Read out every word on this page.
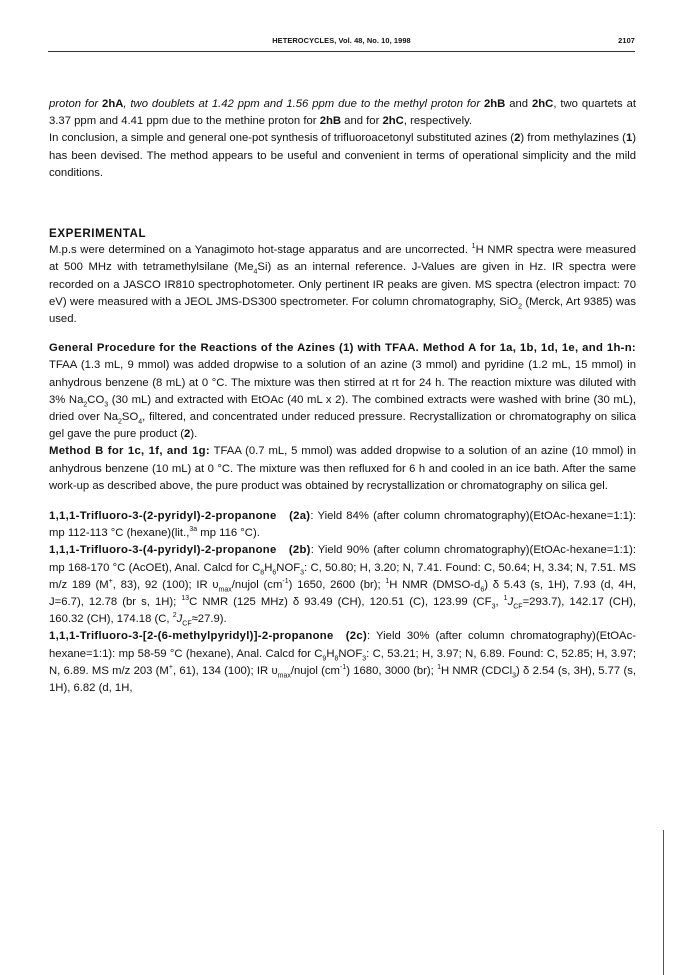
HETEROCYCLES, Vol. 48, No. 10, 1998	2107

proton for 2hA, two doublets at 1.42 ppm and 1.56 ppm due to the methyl proton for 2hB and 2hC, two quartets at 3.37 ppm and 4.41 ppm due to the methine proton for 2hB and for 2hC, respectively.

In conclusion, a simple and general one-pot synthesis of trifluoroacetonyl substituted azines (2) from methylazines (1) has been devised. The method appears to be useful and convenient in terms of operational simplicity and the mild conditions.

EXPERIMENTAL

M.p.s were determined on a Yanagimoto hot-stage apparatus and are uncorrected. $^1$H NMR spectra were measured at 500 MHz with tetramethylsilane $(Me_4Si)$ as an internal reference. J-Values are given in Hz. IR spectra were recorded on a JASCO IR810 spectrophotometer. Only pertinent IR peaks are given. MS spectra (electron impact: 70 eV) were measured with a JEOL JMS-DS300 spectrometer. For column chromatography, SiO$_2$ (Merck, Art 9385) was used.

General Procedure for the Reactions of the Azines (1) with TFAA. Method A for 1a, 1b, 1d, 1e, and 1h-n: TFAA (1.3 mL, 9 mmol) was added dropwise to a solution of an azine (3 mmol) and pyridine (1.2 mL, 15 mmol) in anhydrous benzene (8 mL) at 0 °C. The mixture was then stirred at rt for 24 h. The reaction mixture was diluted with 3% $Na_2CO_3$ (30 mL) and extracted with EtOAc (40 mL x 2). The combined extracts were washed with brine (30 mL), dried over $Na_2SO_4$, filtered, and concentrated under reduced pressure. Recrystallization or chromatography on silica gel gave the pure product (2).

Method B for 1c, 1f, and 1g: TFAA (0.7 mL, 5 mmol) was added dropwise to a solution of an azine (10 mmol) in anhydrous benzene (10 mL) at 0 °C. The mixture was then refluxed for 6 h and cooled in an ice bath. After the same work-up as described above, the pure product was obtained by recrystallization or chromatography on silica gel.

1,1,1-Trifluoro-3-(2-pyridyl)-2-propanone (2a): Yield 84% (after column chromatography)(EtOAc-hexane=1:1): mp 112-113 °C (hexane)(lit.,$^{3a}$ mp 116 °C).

1,1,1-Trifluoro-3-(4-pyridyl)-2-propanone (2b): Yield 90% (after column chromatography)(EtOAc-hexane=1:1): mp 168-170 °C (AcOEt), Anal. Calcd for $C_8H_6NOF_3$: C, 50.80; H, 3.20; N, 7.41. Found: C, 50.64; H, 3.34; N, 7.51. MS m/z 189 (M+, 83), 92 (100); IR $\upsilon_{max}$/nujol $(cm^{-1})$ 1650, 2600 (br); $^1$H NMR $(DMSO-d_6)$ δ 5.43 (s, 1H), 7.93 (d, 4H, J=6.7), 12.78 (br s, 1H); $^{13}$C NMR (125 MHz) δ 93.49 (CH), 120.51 (C), 123.99 ($CF_3$, $^1J_{CF}=293.7$), 142.17 (CH), 160.32 (CH), 174.18 (C, $^2J_{CF}\approx 27.9$).

1,1,1-Trifluoro-3-[2-(6-methylpyridyl)]-2-propanone (2c): Yield 30% (after column chromatography)(EtOAc-hexane=1:1): mp 58-59 °C (hexane), Anal. Calcd for $C_9H_8NOF_3$: C, 53.21; H, 3.97; N, 6.89. Found: C, 52.85; H, 3.97; N, 6.89. MS m/z 203 (M+, 61), 134 (100); IR $\upsilon_{max}$/nujol $(cm^{-1})$ 1680, 3000 (br); $^1$H NMR (CDCl$_3$) δ 2.54 (s, 3H), 5.77 (s, 1H), 6.82 (d, 1H,
